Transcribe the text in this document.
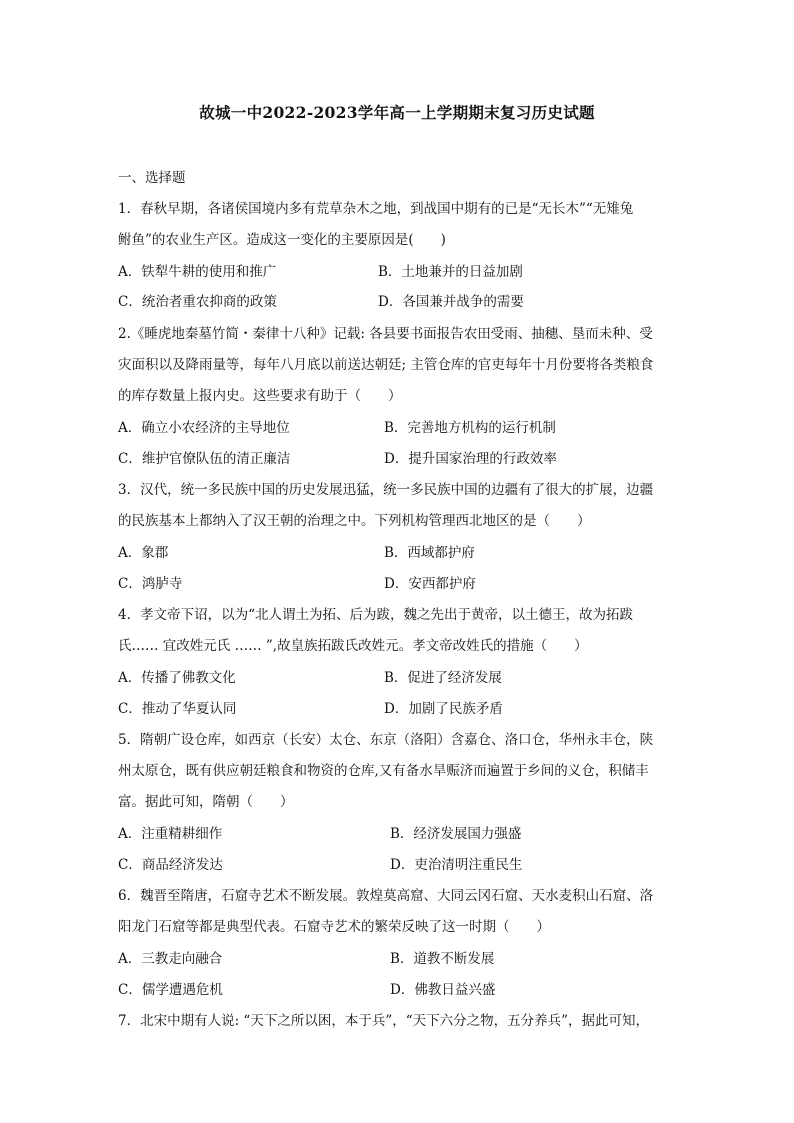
故城一中2022-2023学年高一上学期期末复习历史试题
一、选择题
1．春秋早期，各诸侯国境内多有荒草杂木之地，到战国中期有的已是“无长木”“无雉兔
鲋鱼”的农业生产区。造成这一变化的主要原因是(　　)
A．铁犁牛耕的使用和推广	B．土地兼并的日益加剧
C．统治者重农抑商的政策	D．各国兼并战争的需要
2.《睡虎地秦墓竹简・秦律十八种》记载: 各县要书面报告农田受雨、抽穗、垦而未种、受
灾面积以及降雨量等，每年八月底以前送达朝廷; 主管仓库的官吏每年十月份要将各类粮食
的库存数量上报内史。这些要求有助于（　　）
A．确立小农经济的主导地位	B．完善地方机构的运行机制
C．维护官僚队伍的清正廉洁	D．提升国家治理的行政效率
3．汉代，统一多民族中国的历史发展迅猛，统一多民族中国的边疆有了很大的扩展，边疆
的民族基本上都纳入了汉王朝的治理之中。下列机构管理西北地区的是（　　）
A．象郡	B．西域都护府
C．鸿胪寺	D．安西都护府
4．孝文帝下诏，以为“北人谓土为拓、后为跋，魏之先出于黄帝，以土德王，故为拓跋
氏…… 宜改姓元氏 …… ”,故皇族拓跋氏改姓元。孝文帝改姓氏的措施（　　）
A．传播了佛教文化	B．促进了经济发展
C．推动了华夏认同	D．加剧了民族矛盾
5．隋朝广设仓库，如西京（长安）太仓、东京（洛阳）含嘉仓、洛口仓，华州永丰仓，陕
州太原仓，既有供应朝廷粮食和物资的仓库,又有备水旱赈济而遍置于乡间的义仓，积储丰
富。据此可知，隋朝（　　）
A．注重精耕细作	B．经济发展国力强盛
C．商品经济发达	D．吏治清明注重民生
6．魏晋至隋唐，石窟寺艺术不断发展。敦煌莫高窟、大同云冈石窟、天水麦积山石窟、洛
阳龙门石窟等都是典型代表。石窟寺艺术的繁荣反映了这一时期（　　）
A．三教走向融合	B．道教不断发展
C．儒学遭遇危机	D．佛教日益兴盛
7．北宋中期有人说: “天下之所以困，本于兵”，“天下六分之物，五分养兵”，据此可知，
